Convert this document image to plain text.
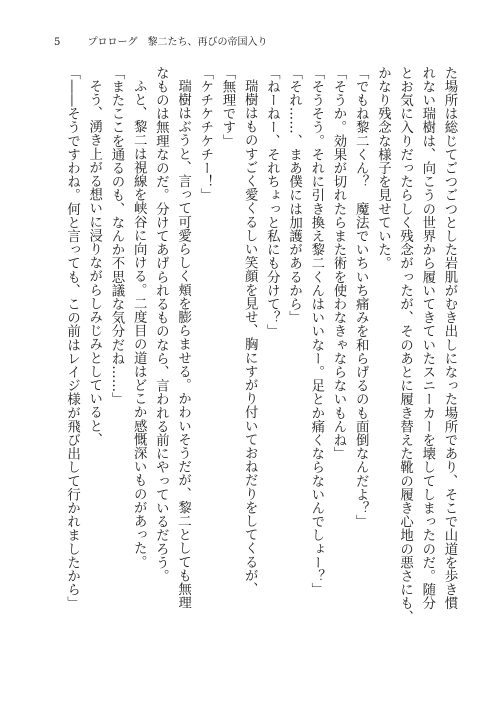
5	プロローグ　黎二たち、再びの帝国入り

た場所は総じてごつごつとした岩肌がむき出しになった場所であり、そこで山道を歩き慣

れない瑞樹は、向こうの世界から履いてきていたスニーカーを壊してしまったのだ。随分

とお気に入りだったらしく残念がったが、そのあとに履き替えた靴の履き心地の悪さにも、

かなり残念な様子を見せていた。

「でもね黎二くん？　魔法でいちいち痛みを和らげるのも面倒なんだよ？」

「そうか。効果が切れたらまた術を使わなきゃならないもんね」

「そうそう。それに引き換え黎二くんはいいなー。足とか痛くならないんでしょー？」

「それ……、まあ僕には加護があるから」

「ねーねー、それちょっと私にも分けて？」

瑞樹はものすごく愛くるしい笑顔を見せ、胸にすがり付いておねだりをしてくるが、

「無理です」

「ケチケチケチー！」

瑞樹はぶうと、言って可愛らしく頬を膨らませる。かわいそうだが、黎二としても無理

なものは無理なのだ。分けてあげられるものなら、言われる前にやっているだろう。

ふと、黎二は視線を峡谷に向ける。二度目の道はどこか感慨深いものがあった。

「またここを通るのも、なんか不思議な気分だね……」

そう、湧き上がる想いに浸りながらしみじみとしていると、

「――そうですわね。何と言っても、この前はレイジ様が飛び出して行かれましたから」
